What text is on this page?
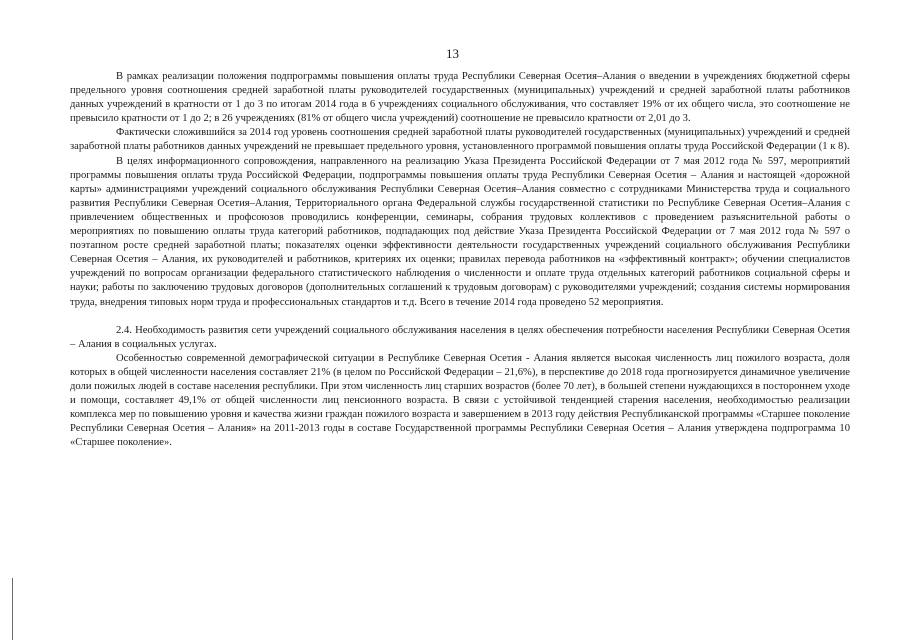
13

В рамках реализации положения подпрограммы повышения оплаты труда Республики Северная Осетия–Алания о введении в учреждениях бюджетной сферы предельного уровня соотношения средней заработной платы руководителей государственных (муниципальных) учреждений и средней заработной платы работников данных учреждений в кратности от 1 до 3 по итогам 2014 года в 6 учреждениях социального обслуживания, что составляет 19% от их общего числа, это соотношение не превысило кратности от 1 до 2; в 26 учреждениях (81% от общего числа учреждений) соотношение не превысило кратности от 2,01 до 3.

Фактически сложившийся за 2014 год уровень соотношения средней заработной платы руководителей государственных (муниципальных) учреждений и средней заработной платы работников данных учреждений не превышает предельного уровня, установленного программой повышения оплаты труда Российской Федерации (1 к 8).

В целях информационного сопровождения, направленного на реализацию Указа Президента Российской Федерации от 7 мая 2012 года № 597, мероприятий программы повышения оплаты труда Российской Федерации, подпрограммы повышения оплаты труда Республики Северная Осетия – Алания и настоящей «дорожной карты» администрациями учреждений социального обслуживания Республики Северная Осетия–Алания совместно с сотрудниками Министерства труда и социального развития Республики Северная Осетия–Алания, Территориального органа Федеральной службы государственной статистики по Республике Северная Осетия–Алания с привлечением общественных и профсоюзов проводились конференции, семинары, собрания трудовых коллективов с проведением разъяснительной работы о мероприятиях по повышению оплаты труда категорий работников, подпадающих под действие Указа Президента Российской Федерации от 7 мая 2012 года № 597 о поэтапном росте средней заработной платы; показателях оценки эффективности деятельности государственных учреждений социального обслуживания Республики Северная Осетия – Алания, их руководителей и работников, критериях их оценки; правилах перевода работников на «эффективный контракт»; обучении специалистов учреждений по вопросам организации федерального статистического наблюдения о численности и оплате труда отдельных категорий работников социальной сферы и науки; работы по заключению трудовых договоров (дополнительных соглашений к трудовым договорам) с руководителями учреждений; создания системы нормирования труда, внедрения типовых норм труда и профессиональных стандартов и т.д. Всего в течение 2014 года проведено 52 мероприятия.

2.4. Необходимость развития сети учреждений социального обслуживания населения в целях обеспечения потребности населения Республики Северная Осетия – Алания в социальных услугах.

Особенностью современной демографической ситуации в Республике Северная Осетия - Алания является высокая численность лиц пожилого возраста, доля которых в общей численности населения составляет 21% (в целом по Российской Федерации – 21,6%), в перспективе до 2018 года прогнозируется динамичное увеличение доли пожилых людей в составе населения республики. При этом численность лиц старших возрастов (более 70 лет), в большей степени нуждающихся в постороннем уходе и помощи, составляет 49,1% от общей численности лиц пенсионного возраста. В связи с устойчивой тенденцией старения населения, необходимостью реализации комплекса мер по повышению уровня и качества жизни граждан пожилого возраста и завершением в 2013 году действия Республиканской программы «Старшее поколение Республики Северная Осетия – Алания» на 2011-2013 годы в составе Государственной программы Республики Северная Осетия – Алания утверждена подпрограмма 10 «Старшее поколение».
